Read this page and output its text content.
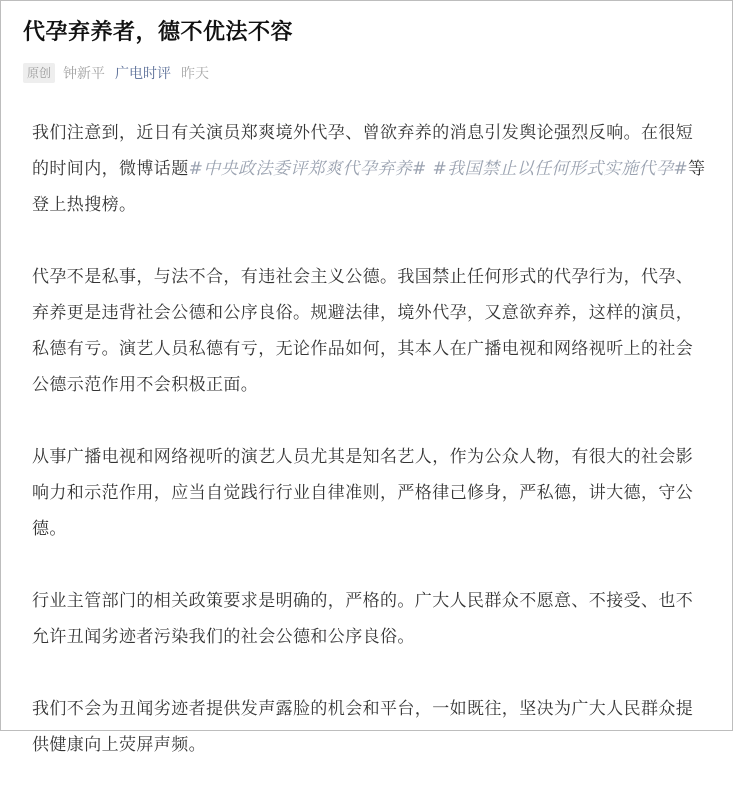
代孕弃养者，德不优法不容
原创 钟新平 广电时评 昨天

我们注意到，近日有关演员郑爽境外代孕、曾欲弃养的消息引发舆论强烈反响。在很短的时间内，微博话题#中央政法委评郑爽代孕弃养# #我国禁止以任何形式实施代孕#等登上热搜榜。

代孕不是私事，与法不合，有违社会主义公德。我国禁止任何形式的代孕行为，代孕、弃养更是违背社会公德和公序良俗。规避法律，境外代孕，又意欲弃养，这样的演员，私德有亏。演艺人员私德有亏，无论作品如何，其本人在广播电视和网络视听上的社会公德示范作用不会积极正面。

从事广播电视和网络视听的演艺人员尤其是知名艺人，作为公众人物，有很大的社会影响力和示范作用，应当自觉践行行业自律准则，严格律己修身，严私德，讲大德，守公德。

行业主管部门的相关政策要求是明确的，严格的。广大人民群众不愿意、不接受、也不允许丑闻劣迹者污染我们的社会公德和公序良俗。

我们不会为丑闻劣迹者提供发声露脸的机会和平台，一如既往，坚决为广大人民群众提供健康向上荧屏声频。
